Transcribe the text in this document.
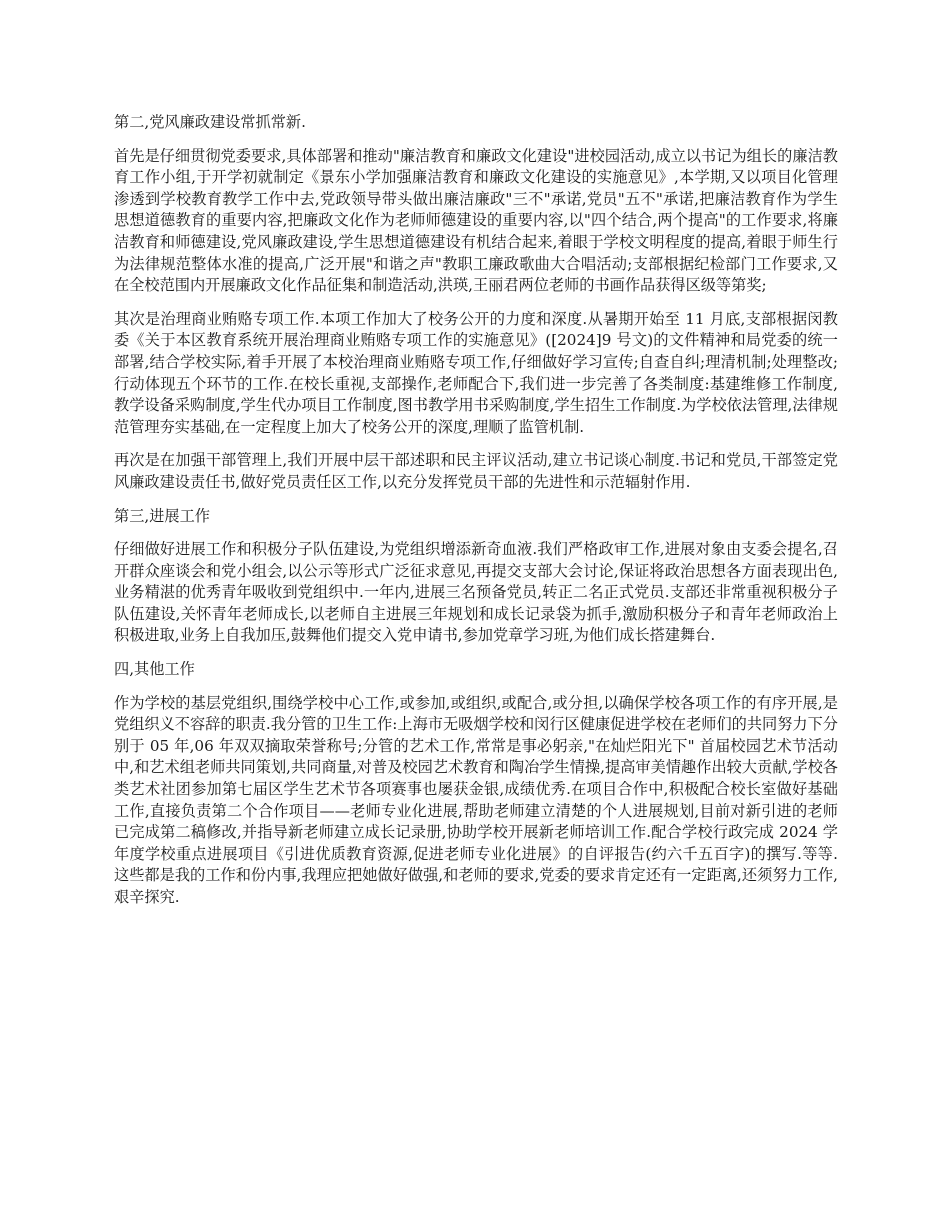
第二,党风廉政建设常抓常新.
首先是仔细贯彻党委要求,具体部署和推动"廉洁教育和廉政文化建设"进校园活动,成立以书记为组长的廉洁教育工作小组,于开学初就制定《景东小学加强廉洁教育和廉政文化建设的实施意见》,本学期,又以项目化管理渗透到学校教育教学工作中去,党政领导带头做出廉洁廉政"三不"承诺,党员"五不"承诺,把廉洁教育作为学生思想道德教育的重要内容,把廉政文化作为老师师德建设的重要内容,以"四个结合,两个提高"的工作要求,将廉洁教育和师德建设,党风廉政建设,学生思想道德建设有机结合起来,着眼于学校文明程度的提高,着眼于师生行为法律规范整体水准的提高,广泛开展"和谐之声"教职工廉政歌曲大合唱活动;支部根据纪检部门工作要求,又在全校范围内开展廉政文化作品征集和制造活动,洪瑛,王丽君两位老师的书画作品获得区级等第奖;
其次是治理商业贿赂专项工作.本项工作加大了校务公开的力度和深度.从暑期开始至 11 月底,支部根据闵教委《关于本区教育系统开展治理商业贿赂专项工作的实施意见》([2024]9 号文)的文件精神和局党委的统一部署,结合学校实际,着手开展了本校治理商业贿赂专项工作,仔细做好学习宣传;自查自纠;理清机制;处理整改;行动体现五个环节的工作.在校长重视,支部操作,老师配合下,我们进一步完善了各类制度:基建维修工作制度,教学设备采购制度,学生代办项目工作制度,图书教学用书采购制度,学生招生工作制度.为学校依法管理,法律规范管理夯实基础,在一定程度上加大了校务公开的深度,理顺了监管机制.
再次是在加强干部管理上,我们开展中层干部述职和民主评议活动,建立书记谈心制度.书记和党员,干部签定党风廉政建设责任书,做好党员责任区工作,以充分发挥党员干部的先进性和示范辐射作用.
第三,进展工作
仔细做好进展工作和积极分子队伍建设,为党组织增添新奇血液.我们严格政审工作,进展对象由支委会提名,召开群众座谈会和党小组会,以公示等形式广泛征求意见,再提交支部大会讨论,保证将政治思想各方面表现出色,业务精湛的优秀青年吸收到党组织中.一年内,进展三名预备党员,转正二名正式党员.支部还非常重视积极分子队伍建设,关怀青年老师成长,以老师自主进展三年规划和成长记录袋为抓手,激励积极分子和青年老师政治上积极进取,业务上自我加压,鼓舞他们提交入党申请书,参加党章学习班,为他们成长搭建舞台.
四,其他工作
作为学校的基层党组织,围绕学校中心工作,或参加,或组织,或配合,或分担,以确保学校各项工作的有序开展,是党组织义不容辞的职责.我分管的卫生工作:上海市无吸烟学校和闵行区健康促进学校在老师们的共同努力下分别于 05 年,06 年双双摘取荣誉称号;分管的艺术工作,常常是事必躬亲,"在灿烂阳光下" 首届校园艺术节活动中,和艺术组老师共同策划,共同商量,对普及校园艺术教育和陶冶学生情操,提高审美情趣作出较大贡献,学校各类艺术社团参加第七届区学生艺术节各项赛事也屡获金银,成绩优秀.在项目合作中,积极配合校长室做好基础工作,直接负责第二个合作项目——老师专业化进展,帮助老师建立清楚的个人进展规划,目前对新引进的老师已完成第二稿修改,并指导新老师建立成长记录册,协助学校开展新老师培训工作.配合学校行政完成 2024 学年度学校重点进展项目《引进优质教育资源,促进老师专业化进展》的自评报告(约六千五百字)的撰写.等等.这些都是我的工作和份内事,我理应把她做好做强,和老师的要求,党委的要求肯定还有一定距离,还须努力工作,艰辛探究.
